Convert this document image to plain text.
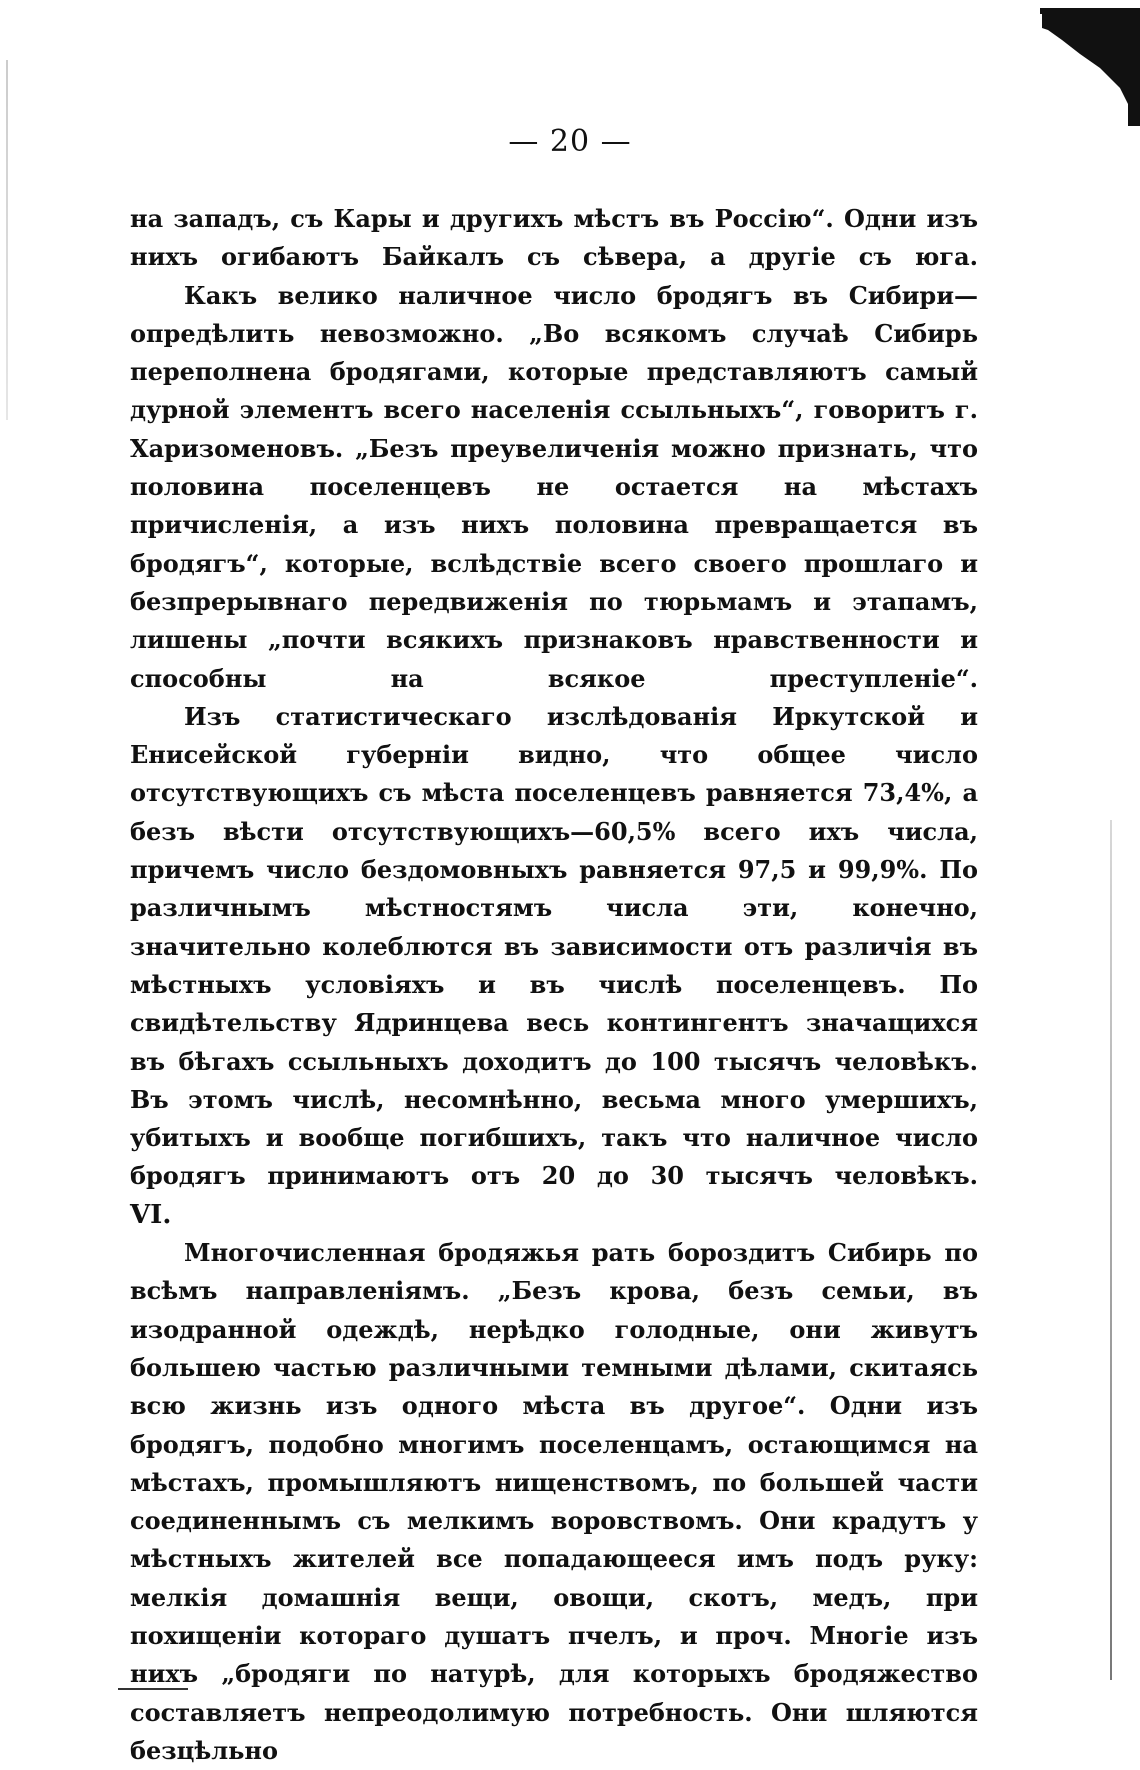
— 20 —

на западъ, съ Кары и другихъ мѣстъ въ Россію“. Одни изъ нихъ огибаютъ Байкалъ съ сѣвера, а другіе съ юга.

Какъ велико наличное число бродягъ въ Сибири—опредѣлить невозможно. „Во всякомъ случаѣ Сибирь переполнена бродягами, которые представляютъ самый дурной элементъ всего населенія ссыльныхъ“, говоритъ г. Харизоменовъ. „Безъ преувеличенія можно признать, что половина поселенцевъ не остается на мѣстахъ причисленія, а изъ нихъ половина превращается въ бродягъ“, которые, вслѣдствіе всего своего прошлаго и безпрерывнаго передвиженія по тюрьмамъ и этапамъ, лишены „почти всякихъ признаковъ нравственности и способны на всякое преступленіе“.

Изъ статистическаго изслѣдованія Иркутской и Енисейской губерніи видно, что общее число отсутствующихъ съ мѣста поселенцевъ равняется 73,4%, а безъ вѣсти отсутствующихъ—60,5% всего ихъ числа, причемъ число бездомовныхъ равняется 97,5 и 99,9%. По различнымъ мѣстностямъ числа эти, конечно, значительно колеблются въ зависимости отъ различія въ мѣстныхъ условіяхъ и въ числѣ поселенцевъ. По свидѣтельству Ядринцева весь контингентъ значащихся въ бѣгахъ ссыльныхъ доходитъ до 100 тысячъ человѣкъ. Въ этомъ числѣ, несомнѣнно, весьма много умершихъ, убитыхъ и вообще погибшихъ, такъ что наличное число бродягъ принимаютъ отъ 20 до 30 тысячъ человѣкъ.

VI.

Многочисленная бродяжья рать бороздитъ Сибирь по всѣмъ направленіямъ. „Безъ крова, безъ семьи, въ изодранной одеждѣ, нерѣдко голодные, они живутъ большею частью различными темными дѣлами, скитаясь всю жизнь изъ одного мѣста въ другое“. Одни изъ бродягъ, подобно многимъ поселенцамъ, остающимся на мѣстахъ, промышляютъ нищенствомъ, по большей части соединеннымъ съ мелкимъ воровствомъ. Они крадутъ у мѣстныхъ жителей все попадающееся имъ подъ руку: мелкія домашнія вещи, овощи, скотъ, медъ, при похищеніи котораго душатъ пчелъ, и проч. Многіе изъ нихъ „бродяги по натурѣ, для которыхъ бродяжество составляетъ непреодолимую потребность. Они шляются безцѣльно
